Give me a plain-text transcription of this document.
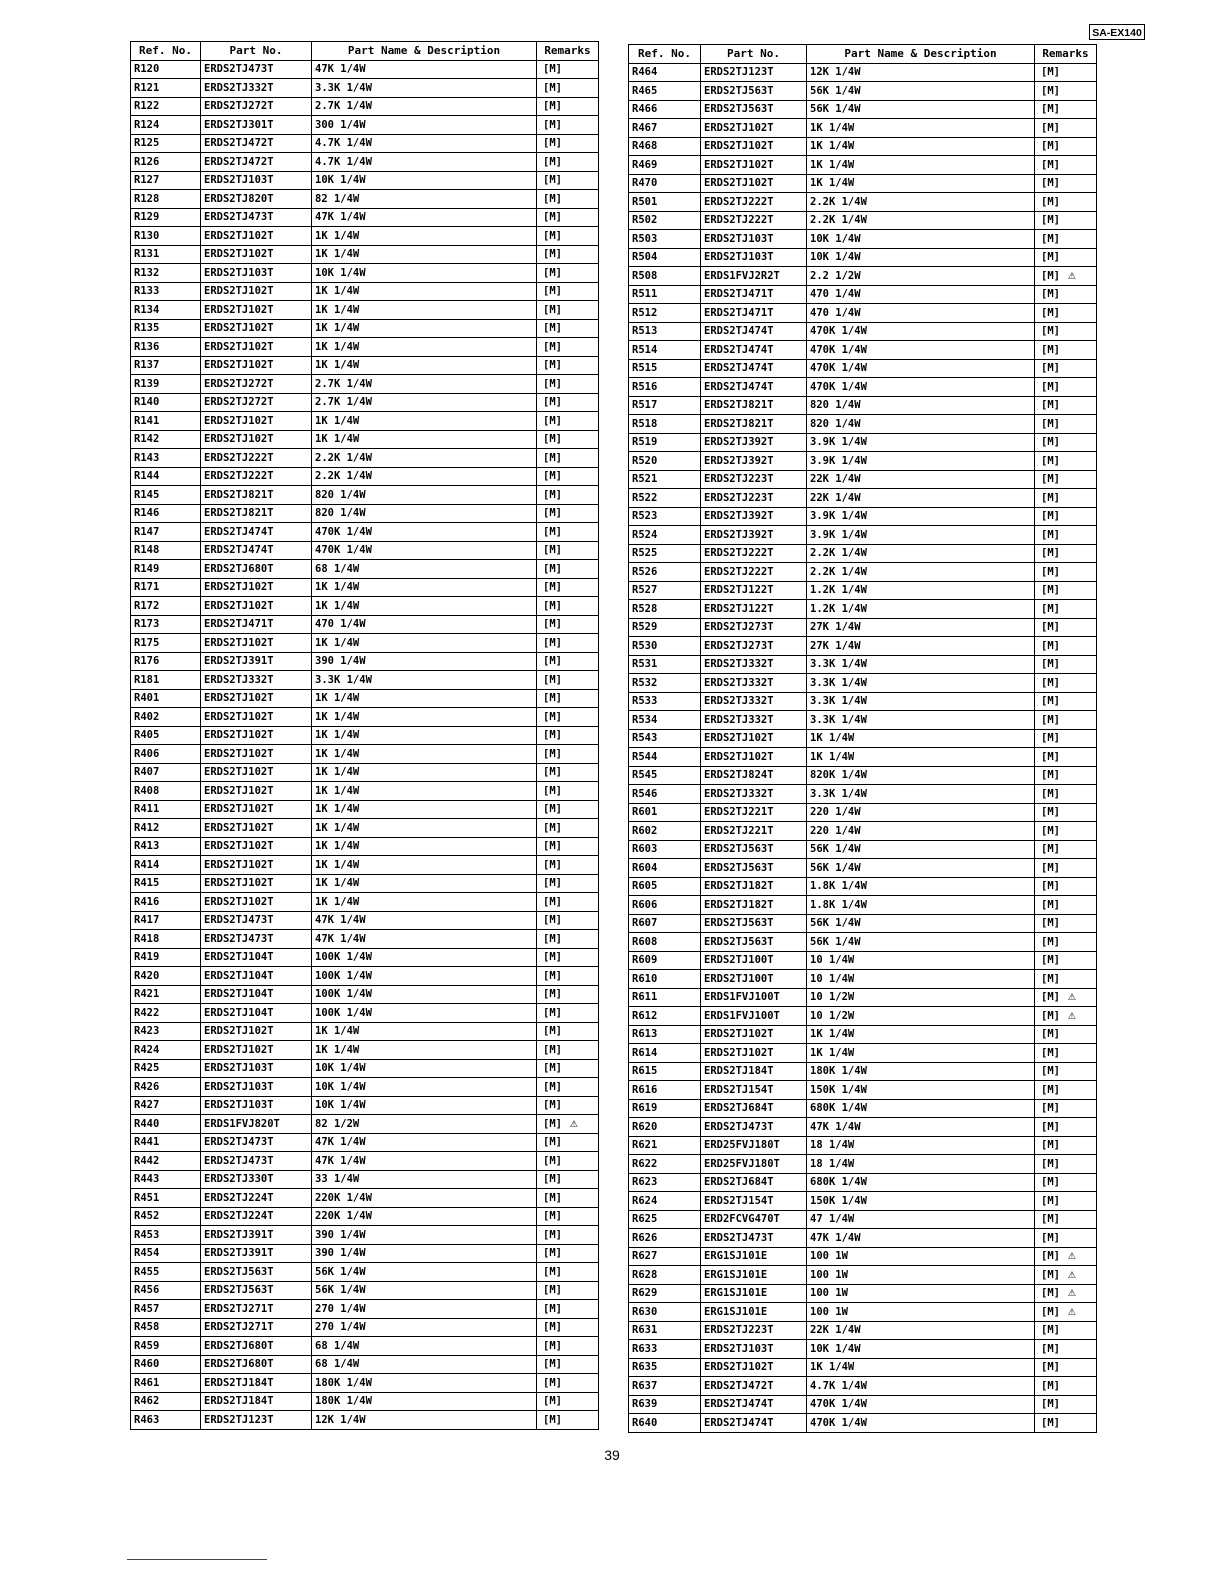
SA-EX140
Ref. No.	Part No.	Part Name & Description	Remarks
R120	ERDS2TJ473T	47K 1/4W	[M]
R121	ERDS2TJ332T	3.3K 1/4W	[M]
R122	ERDS2TJ272T	2.7K 1/4W	[M]
R124	ERDS2TJ301T	300 1/4W	[M]
R125	ERDS2TJ472T	4.7K 1/4W	[M]
R126	ERDS2TJ472T	4.7K 1/4W	[M]
R127	ERDS2TJ103T	10K 1/4W	[M]
R128	ERDS2TJ820T	82 1/4W	[M]
R129	ERDS2TJ473T	47K 1/4W	[M]
R130	ERDS2TJ102T	1K 1/4W	[M]
R131	ERDS2TJ102T	1K 1/4W	[M]
R132	ERDS2TJ103T	10K 1/4W	[M]
R133	ERDS2TJ102T	1K 1/4W	[M]
R134	ERDS2TJ102T	1K 1/4W	[M]
R135	ERDS2TJ102T	1K 1/4W	[M]
R136	ERDS2TJ102T	1K 1/4W	[M]
R137	ERDS2TJ102T	1K 1/4W	[M]
R139	ERDS2TJ272T	2.7K 1/4W	[M]
R140	ERDS2TJ272T	2.7K 1/4W	[M]
R141	ERDS2TJ102T	1K 1/4W	[M]
R142	ERDS2TJ102T	1K 1/4W	[M]
R143	ERDS2TJ222T	2.2K 1/4W	[M]
R144	ERDS2TJ222T	2.2K 1/4W	[M]
R145	ERDS2TJ821T	820 1/4W	[M]
R146	ERDS2TJ821T	820 1/4W	[M]
R147	ERDS2TJ474T	470K 1/4W	[M]
R148	ERDS2TJ474T	470K 1/4W	[M]
R149	ERDS2TJ680T	68 1/4W	[M]
R171	ERDS2TJ102T	1K 1/4W	[M]
R172	ERDS2TJ102T	1K 1/4W	[M]
R173	ERDS2TJ471T	470 1/4W	[M]
R175	ERDS2TJ102T	1K 1/4W	[M]
R176	ERDS2TJ391T	390 1/4W	[M]
R181	ERDS2TJ332T	3.3K 1/4W	[M]
R401	ERDS2TJ102T	1K 1/4W	[M]
R402	ERDS2TJ102T	1K 1/4W	[M]
R405	ERDS2TJ102T	1K 1/4W	[M]
R406	ERDS2TJ102T	1K 1/4W	[M]
R407	ERDS2TJ102T	1K 1/4W	[M]
R408	ERDS2TJ102T	1K 1/4W	[M]
R411	ERDS2TJ102T	1K 1/4W	[M]
R412	ERDS2TJ102T	1K 1/4W	[M]
R413	ERDS2TJ102T	1K 1/4W	[M]
R414	ERDS2TJ102T	1K 1/4W	[M]
R415	ERDS2TJ102T	1K 1/4W	[M]
R416	ERDS2TJ102T	1K 1/4W	[M]
R417	ERDS2TJ473T	47K 1/4W	[M]
R418	ERDS2TJ473T	47K 1/4W	[M]
R419	ERDS2TJ104T	100K 1/4W	[M]
R420	ERDS2TJ104T	100K 1/4W	[M]
R421	ERDS2TJ104T	100K 1/4W	[M]
R422	ERDS2TJ104T	100K 1/4W	[M]
R423	ERDS2TJ102T	1K 1/4W	[M]
R424	ERDS2TJ102T	1K 1/4W	[M]
R425	ERDS2TJ103T	10K 1/4W	[M]
R426	ERDS2TJ103T	10K 1/4W	[M]
R427	ERDS2TJ103T	10K 1/4W	[M]
R440	ERDS1FVJ820T	82 1/2W	[M] ⚠
R441	ERDS2TJ473T	47K 1/4W	[M]
R442	ERDS2TJ473T	47K 1/4W	[M]
R443	ERDS2TJ330T	33 1/4W	[M]
R451	ERDS2TJ224T	220K 1/4W	[M]
R452	ERDS2TJ224T	220K 1/4W	[M]
R453	ERDS2TJ391T	390 1/4W	[M]
R454	ERDS2TJ391T	390 1/4W	[M]
R455	ERDS2TJ563T	56K 1/4W	[M]
R456	ERDS2TJ563T	56K 1/4W	[M]
R457	ERDS2TJ271T	270 1/4W	[M]
R458	ERDS2TJ271T	270 1/4W	[M]
R459	ERDS2TJ680T	68 1/4W	[M]
R460	ERDS2TJ680T	68 1/4W	[M]
R461	ERDS2TJ184T	180K 1/4W	[M]
R462	ERDS2TJ184T	180K 1/4W	[M]
R463	ERDS2TJ123T	12K 1/4W	[M]
Ref. No.	Part No.	Part Name & Description	Remarks
R464	ERDS2TJ123T	12K 1/4W	[M]
R465	ERDS2TJ563T	56K 1/4W	[M]
R466	ERDS2TJ563T	56K 1/4W	[M]
R467	ERDS2TJ102T	1K 1/4W	[M]
R468	ERDS2TJ102T	1K 1/4W	[M]
R469	ERDS2TJ102T	1K 1/4W	[M]
R470	ERDS2TJ102T	1K 1/4W	[M]
R501	ERDS2TJ222T	2.2K 1/4W	[M]
R502	ERDS2TJ222T	2.2K 1/4W	[M]
R503	ERDS2TJ103T	10K 1/4W	[M]
R504	ERDS2TJ103T	10K 1/4W	[M]
R508	ERDS1FVJ2R2T	2.2 1/2W	[M] ⚠
R511	ERDS2TJ471T	470 1/4W	[M]
R512	ERDS2TJ471T	470 1/4W	[M]
R513	ERDS2TJ474T	470K 1/4W	[M]
R514	ERDS2TJ474T	470K 1/4W	[M]
R515	ERDS2TJ474T	470K 1/4W	[M]
R516	ERDS2TJ474T	470K 1/4W	[M]
R517	ERDS2TJ821T	820 1/4W	[M]
R518	ERDS2TJ821T	820 1/4W	[M]
R519	ERDS2TJ392T	3.9K 1/4W	[M]
R520	ERDS2TJ392T	3.9K 1/4W	[M]
R521	ERDS2TJ223T	22K 1/4W	[M]
R522	ERDS2TJ223T	22K 1/4W	[M]
R523	ERDS2TJ392T	3.9K 1/4W	[M]
R524	ERDS2TJ392T	3.9K 1/4W	[M]
R525	ERDS2TJ222T	2.2K 1/4W	[M]
R526	ERDS2TJ222T	2.2K 1/4W	[M]
R527	ERDS2TJ122T	1.2K 1/4W	[M]
R528	ERDS2TJ122T	1.2K 1/4W	[M]
R529	ERDS2TJ273T	27K 1/4W	[M]
R530	ERDS2TJ273T	27K 1/4W	[M]
R531	ERDS2TJ332T	3.3K 1/4W	[M]
R532	ERDS2TJ332T	3.3K 1/4W	[M]
R533	ERDS2TJ332T	3.3K 1/4W	[M]
R534	ERDS2TJ332T	3.3K 1/4W	[M]
R543	ERDS2TJ102T	1K 1/4W	[M]
R544	ERDS2TJ102T	1K 1/4W	[M]
R545	ERDS2TJ824T	820K 1/4W	[M]
R546	ERDS2TJ332T	3.3K 1/4W	[M]
R601	ERDS2TJ221T	220 1/4W	[M]
R602	ERDS2TJ221T	220 1/4W	[M]
R603	ERDS2TJ563T	56K 1/4W	[M]
R604	ERDS2TJ563T	56K 1/4W	[M]
R605	ERDS2TJ182T	1.8K 1/4W	[M]
R606	ERDS2TJ182T	1.8K 1/4W	[M]
R607	ERDS2TJ563T	56K 1/4W	[M]
R608	ERDS2TJ563T	56K 1/4W	[M]
R609	ERDS2TJ100T	10 1/4W	[M]
R610	ERDS2TJ100T	10 1/4W	[M]
R611	ERDS1FVJ100T	10 1/2W	[M] ⚠
R612	ERDS1FVJ100T	10 1/2W	[M] ⚠
R613	ERDS2TJ102T	1K 1/4W	[M]
R614	ERDS2TJ102T	1K 1/4W	[M]
R615	ERDS2TJ184T	180K 1/4W	[M]
R616	ERDS2TJ154T	150K 1/4W	[M]
R619	ERDS2TJ684T	680K 1/4W	[M]
R620	ERDS2TJ473T	47K 1/4W	[M]
R621	ERD25FVJ180T	18 1/4W	[M]
R622	ERD25FVJ180T	18 1/4W	[M]
R623	ERDS2TJ684T	680K 1/4W	[M]
R624	ERDS2TJ154T	150K 1/4W	[M]
R625	ERD2FCVG470T	47 1/4W	[M]
R626	ERDS2TJ473T	47K 1/4W	[M]
R627	ERG1SJ101E	100 1W	[M] ⚠
R628	ERG1SJ101E	100 1W	[M] ⚠
R629	ERG1SJ101E	100 1W	[M] ⚠
R630	ERG1SJ101E	100 1W	[M] ⚠
R631	ERDS2TJ223T	22K 1/4W	[M]
R633	ERDS2TJ103T	10K 1/4W	[M]
R635	ERDS2TJ102T	1K 1/4W	[M]
R637	ERDS2TJ472T	4.7K 1/4W	[M]
R639	ERDS2TJ474T	470K 1/4W	[M]
R640	ERDS2TJ474T	470K 1/4W	[M]
39
